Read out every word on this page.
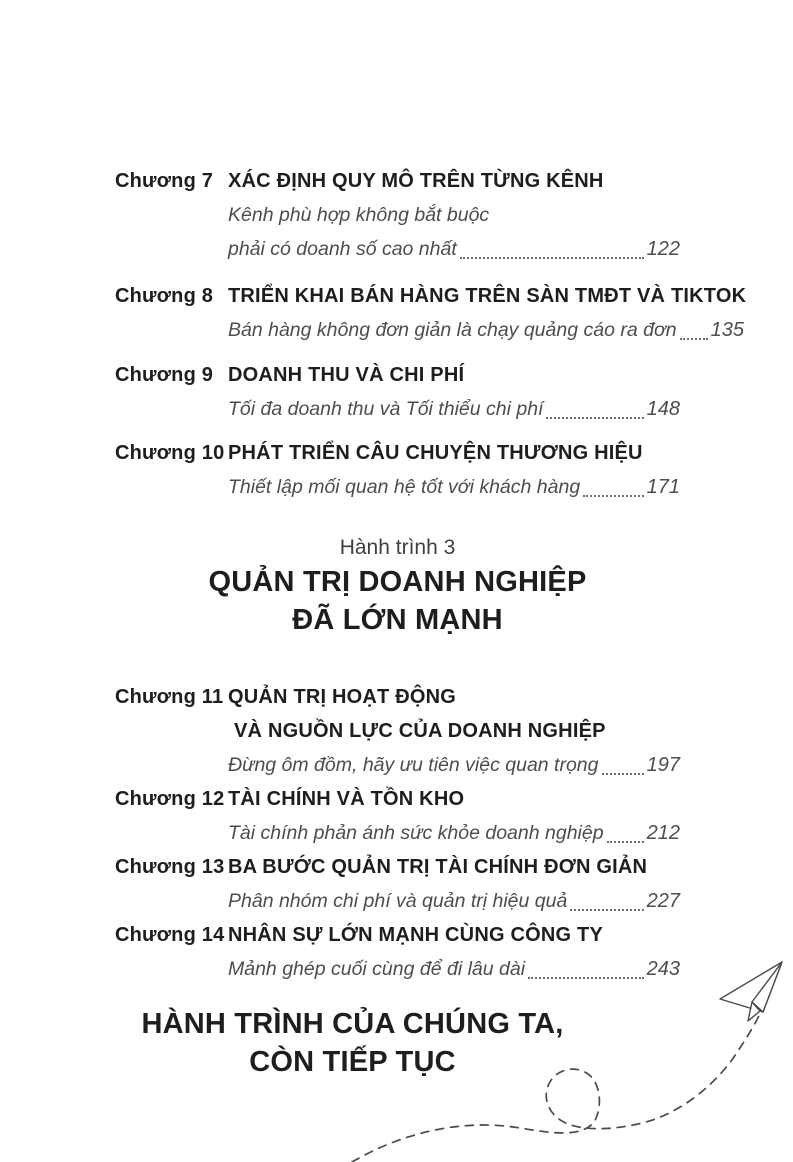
Chương 7 XÁC ĐỊNH QUY MÔ TRÊN TỪNG KÊNH
Kênh phù hợp không bắt buộc
phải có doanh số cao nhất	122
Chương 8 TRIỂN KHAI BÁN HÀNG TRÊN SÀN TMĐT VÀ TIKTOK
Bán hàng không đơn giản là chạy quảng cáo ra đơn 135
Chương 9 DOANH THU VÀ CHI PHÍ
Tối đa doanh thu và Tối thiểu chi phí	148
Chương 10 PHÁT TRIỂN CÂU CHUYỆN THƯƠNG HIỆU
Thiết lập mối quan hệ tốt với khách hàng	171
Hành trình 3
QUẢN TRỊ DOANH NGHIỆP
ĐÃ LỚN MẠNH
Chương 11 QUẢN TRỊ HOẠT ĐỘNG
VÀ NGUỒN LỰC CỦA DOANH NGHIỆP
Đừng ôm đồm, hãy ưu tiên việc quan trọng 197
Chương 12 TÀI CHÍNH VÀ TỒN KHO
Tài chính phản ánh sức khỏe doanh nghiệp 212
Chương 13 BA BƯỚC QUẢN TRỊ TÀI CHÍNH ĐƠN GIẢN
Phân nhóm chi phí và quản trị hiệu quả	227
Chương 14 NHÂN SỰ LỚN MẠNH CÙNG CÔNG TY
Mảnh ghép cuối cùng để đi lâu dài	243
HÀNH TRÌNH CỦA CHÚNG TA,
CÒN TIẾP TỤC
